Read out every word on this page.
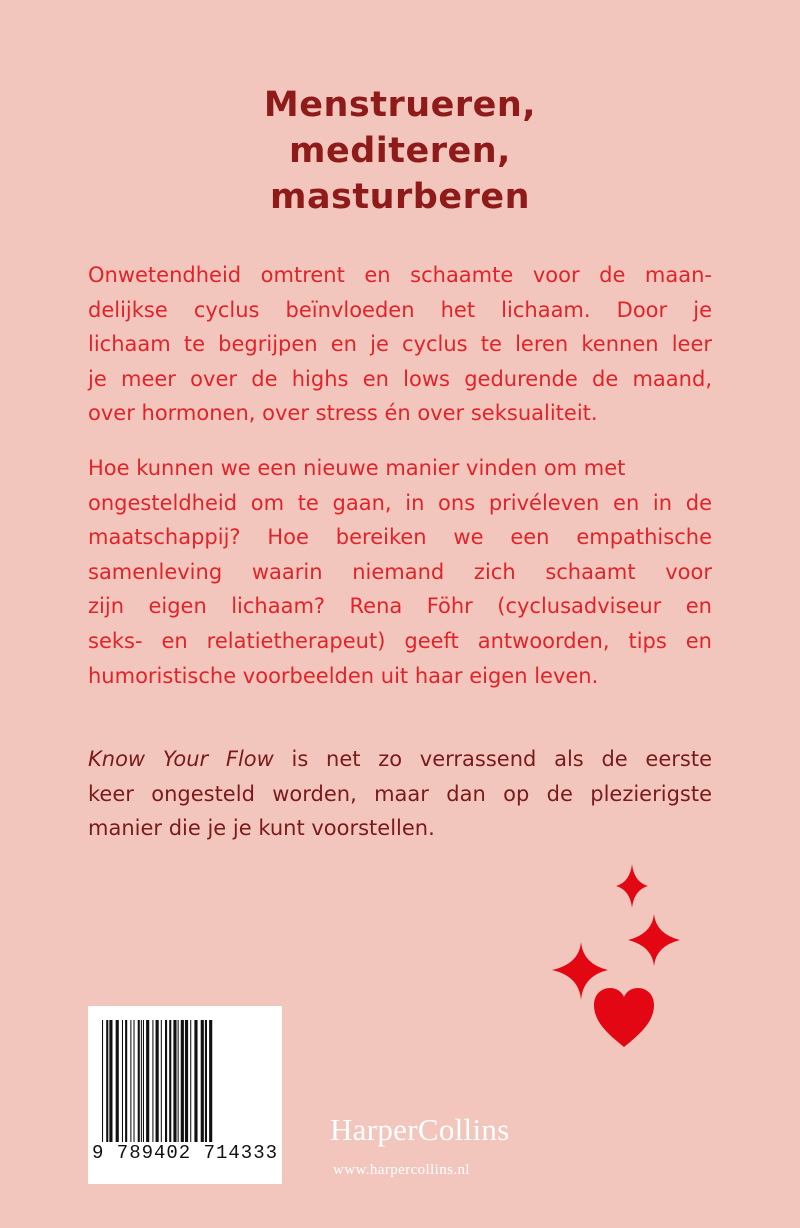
Menstrueren,
mediteren,
masturberen

Onwetendheid omtrent en schaamte voor de maan-
delijkse cyclus beïnvloeden het lichaam. Door je
lichaam te begrijpen en je cyclus te leren kennen leer
je meer over de highs en lows gedurende de maand,
over hormonen, over stress én over seksualiteit.

Hoe kunnen we een nieuwe manier vinden om met
ongesteldheid om te gaan, in ons privéleven en in de
maatschappij? Hoe bereiken we een empathische
samenleving waarin niemand zich schaamt voor
zijn eigen lichaam? Rena Föhr (cyclusadviseur en
seks- en relatietherapeut) geeft antwoorden, tips en
humoristische voorbeelden uit haar eigen leven.

Know Your Flow is net zo verrassend als de eerste
keer ongesteld worden, maar dan op de plezierigste
manier die je je kunt voorstellen.

9 789402 714333
HarperCollins
www.harpercollins.nl
